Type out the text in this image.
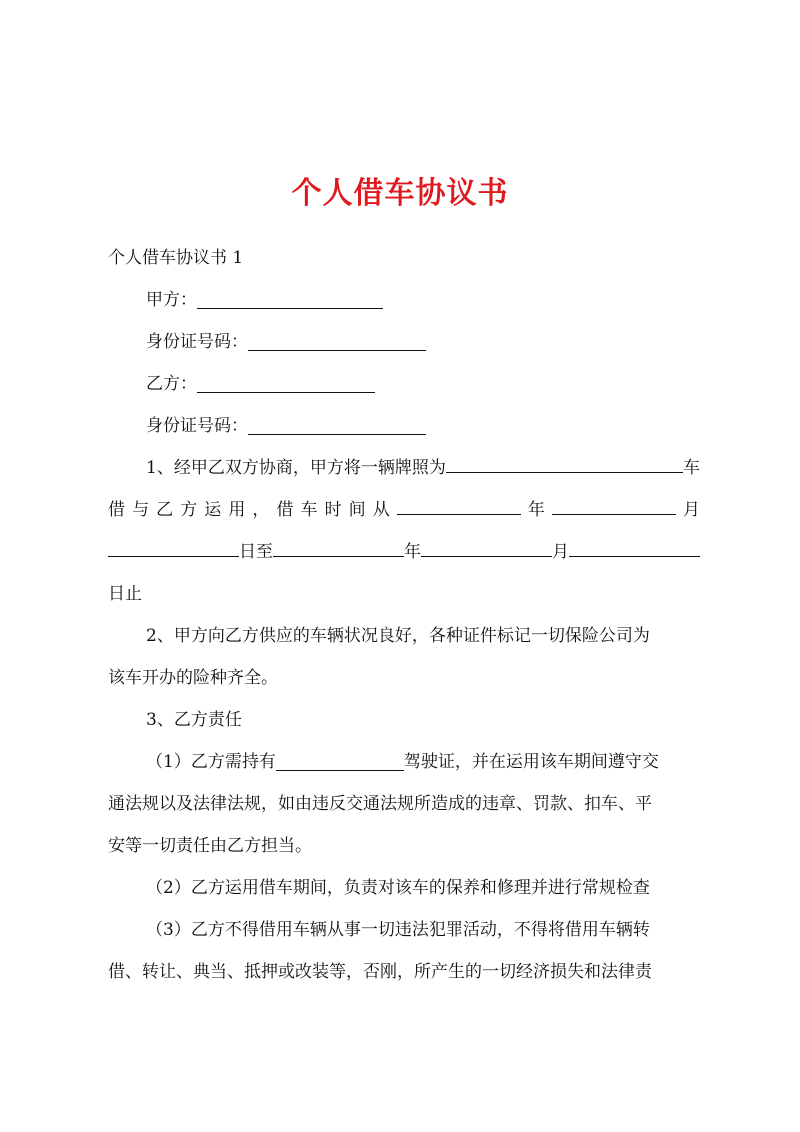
个人借车协议书
个人借车协议书 1
甲方：
身份证号码：
乙方：
身份证号码：
1、经甲乙双方协商，甲方将一辆牌照为	车
借 与 乙 方 运 用 ， 借 车 时 间 从	年	月
日至	年	月
日止
2、甲方向乙方供应的车辆状况良好，各种证件标记一切保险公司为
该车开办的险种齐全。
3、乙方责任
（1）乙方需持有	驾驶证，并在运用该车期间遵守交
通法规以及法律法规，如由违反交通法规所造成的违章、罚款、扣车、平
安等一切责任由乙方担当。
（2）乙方运用借车期间，负责对该车的保养和修理并进行常规检查
（3）乙方不得借用车辆从事一切违法犯罪活动，不得将借用车辆转
借、转让、典当、抵押或改装等，否刚，所产生的一切经济损失和法律责
